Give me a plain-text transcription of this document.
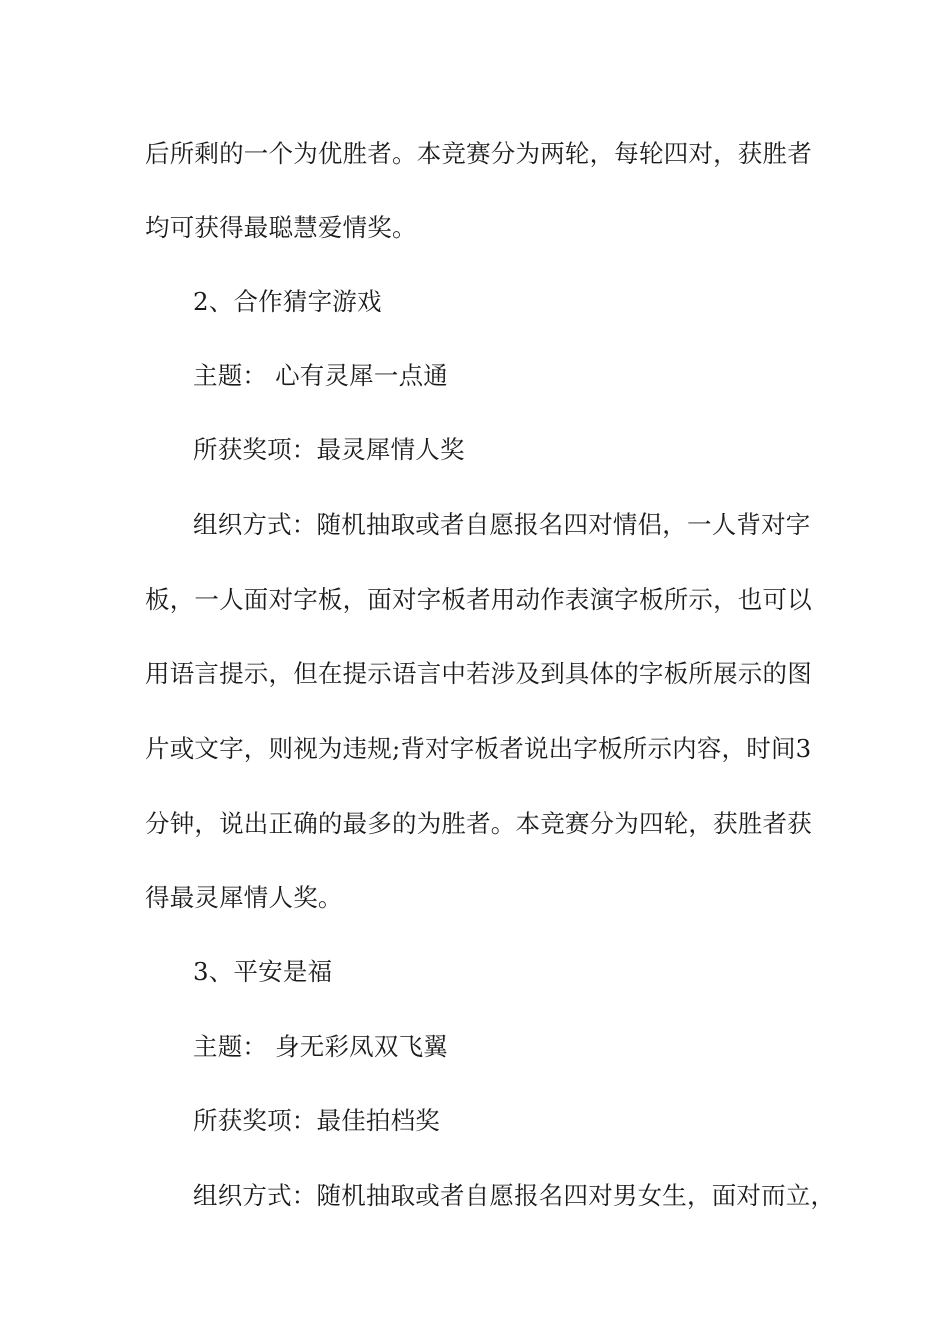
后所剩的一个为优胜者。本竞赛分为两轮，每轮四对，获胜者
均可获得最聪慧爱情奖。
2、合作猜字游戏
主题： 心有灵犀一点通
所获奖项：最灵犀情人奖
组织方式：随机抽取或者自愿报名四对情侣，一人背对字
板，一人面对字板，面对字板者用动作表演字板所示，也可以
用语言提示，但在提示语言中若涉及到具体的字板所展示的图
片或文字，则视为违规;背对字板者说出字板所示内容，时间3
分钟，说出正确的最多的为胜者。本竞赛分为四轮，获胜者获
得最灵犀情人奖。
3、平安是福
主题： 身无彩凤双飞翼
所获奖项：最佳拍档奖
组织方式：随机抽取或者自愿报名四对男女生，面对而立，
